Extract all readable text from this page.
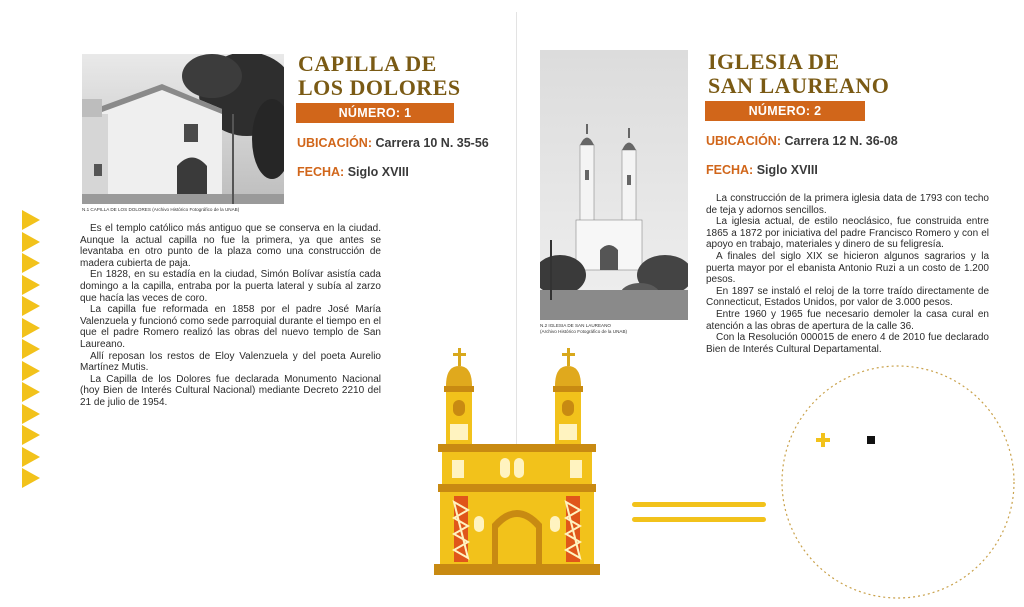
N.1 CAPILLA DE LOS DOLORES (Archivo Histórico Fotográfico de la UNAB)
CAPILLA DE
LOS DOLORES
NÚMERO: 1
UBICACIÓN: Carrera 10 N. 35-56
FECHA: Siglo XVIII

Es el templo católico más antiguo que se conserva en la ciudad. Aunque la actual capilla no fue la primera, ya que antes se levantaba en otro punto de la plaza como una construcción de madera cubierta de paja.

En 1828, en su estadía en la ciudad, Simón Bolívar asistía cada domingo a la capilla, entraba por la puerta lateral y subía al zarzo que hacía las veces de coro.

La capilla fue reformada en 1858 por el padre José María Valenzuela y funcionó como sede parroquial durante el tiempo en el que el padre Romero realizó las obras del nuevo templo de San Laureano.

Allí reposan los restos de Eloy Valenzuela y del poeta Aurelio Martínez Mutis.

La Capilla de los Dolores fue declarada Monumento Nacional (hoy Bien de Interés Cultural Nacional) mediante Decreto 2210 del 21 de julio de 1954.

N.2 IGLESIA DE SAN LAUREANO
(Archivo Histórico Fotográfico de la UNAB)
IGLESIA DE
SAN LAUREANO
NÚMERO: 2
UBICACIÓN: Carrera 12 N. 36-08
FECHA: Siglo XVIII

La construcción de la primera iglesia data de 1793 con techo de teja y adornos sencillos.

La iglesia actual, de estilo neoclásico, fue construida entre 1865 a 1872 por iniciativa del padre Francisco Romero y con el apoyo en trabajo, materiales y dinero de su feligresía.

A finales del siglo XIX se hicieron algunos sagrarios y la puerta mayor por el ebanista Antonio Ruzi a un costo de 1.200 pesos.

En 1897 se instaló el reloj de la torre traído directamente de Connecticut, Estados Unidos, por valor de 3.000 pesos.

Entre 1960 y 1965 fue necesario demoler la casa cural en atención a las obras de apertura de la calle 36.

Con la Resolución 000015 de enero 4 de 2010 fue declarado Bien de Interés Cultural Departamental.
